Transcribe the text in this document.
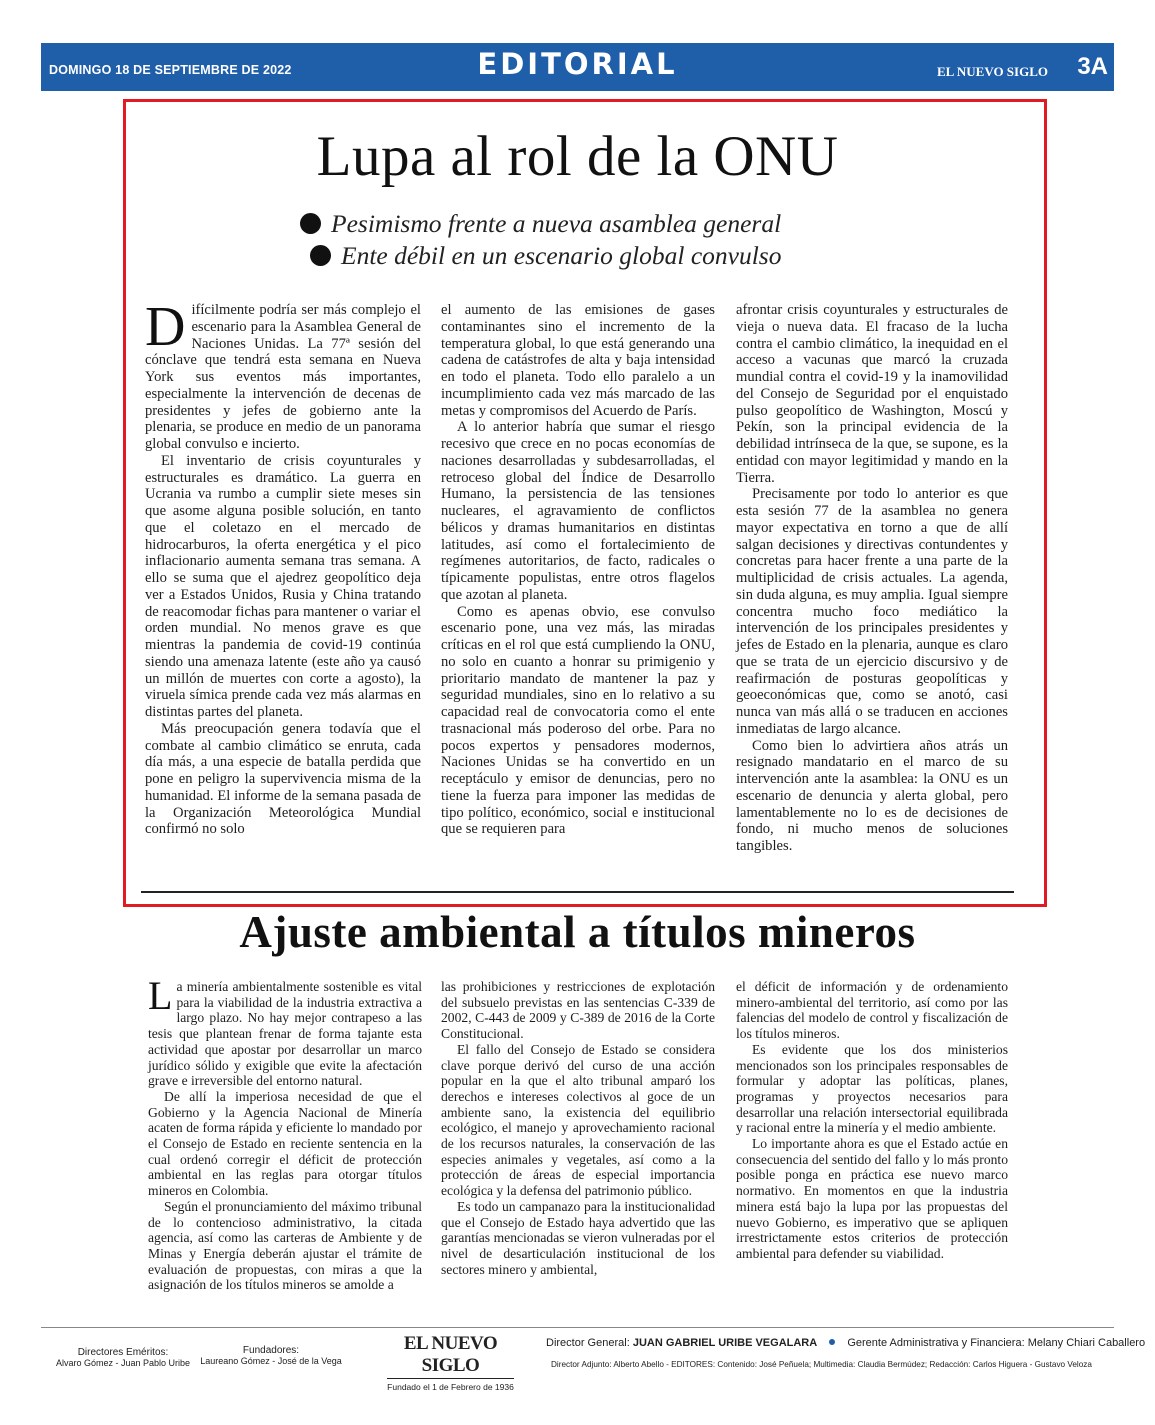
DOMINGO 18 DE SEPTIEMBRE DE 2022	EDITORIAL	EL NUEVO SIGLO 3A
Lupa al rol de la ONU
Pesimismo frente a nueva asamblea general
Ente débil en un escenario global convulso

Difícilmente podría ser más complejo el escenario para la Asamblea General de Naciones Unidas. La 77ª sesión del cónclave que tendrá esta semana en Nueva York sus eventos más importantes, especialmente la intervención de decenas de presidentes y jefes de gobierno ante la plenaria, se produce en medio de un panorama global convulso e incierto.

El inventario de crisis coyunturales y estructurales es dramático. La guerra en Ucrania va rumbo a cumplir siete meses sin que asome alguna posible solución, en tanto que el coletazo en el mercado de hidrocarburos, la oferta energética y el pico inflacionario aumenta semana tras semana. A ello se suma que el ajedrez geopolítico deja ver a Estados Unidos, Rusia y China tratando de reacomodar fichas para mantener o variar el orden mundial. No menos grave es que mientras la pandemia de covid-19 continúa siendo una amenaza latente (este año ya causó un millón de muertes con corte a agosto), la viruela símica prende cada vez más alarmas en distintas partes del planeta.

Más preocupación genera todavía que el combate al cambio climático se enruta, cada día más, a una especie de batalla perdida que pone en peligro la supervivencia misma de la humanidad. El informe de la semana pasada de la Organización Meteorológica Mundial confirmó no solo

el aumento de las emisiones de gases contaminantes sino el incremento de la temperatura global, lo que está generando una cadena de catástrofes de alta y baja intensidad en todo el planeta. Todo ello paralelo a un incumplimiento cada vez más marcado de las metas y compromisos del Acuerdo de París.

A lo anterior habría que sumar el riesgo recesivo que crece en no pocas economías de naciones desarrolladas y subdesarrolladas, el retroceso global del Índice de Desarrollo Humano, la persistencia de las tensiones nucleares, el agravamiento de conflictos bélicos y dramas humanitarios en distintas latitudes, así como el fortalecimiento de regímenes autoritarios, de facto, radicales o típicamente populistas, entre otros flagelos que azotan al planeta.

Como es apenas obvio, ese convulso escenario pone, una vez más, las miradas críticas en el rol que está cumpliendo la ONU, no solo en cuanto a honrar su primigenio y prioritario mandato de mantener la paz y seguridad mundiales, sino en lo relativo a su capacidad real de convocatoria como el ente trasnacional más poderoso del orbe. Para no pocos expertos y pensadores modernos, Naciones Unidas se ha convertido en un receptáculo y emisor de denuncias, pero no tiene la fuerza para imponer las medidas de tipo político, económico, social e institucional que se requieren para

afrontar crisis coyunturales y estructurales de vieja o nueva data. El fracaso de la lucha contra el cambio climático, la inequidad en el acceso a vacunas que marcó la cruzada mundial contra el covid-19 y la inamovilidad del Consejo de Seguridad por el enquistado pulso geopolítico de Washington, Moscú y Pekín, son la principal evidencia de la debilidad intrínseca de la que, se supone, es la entidad con mayor legitimidad y mando en la Tierra.

Precisamente por todo lo anterior es que esta sesión 77 de la asamblea no genera mayor expectativa en torno a que de allí salgan decisiones y directivas contundentes y concretas para hacer frente a una parte de la multiplicidad de crisis actuales. La agenda, sin duda alguna, es muy amplia. Igual siempre concentra mucho foco mediático la intervención de los principales presidentes y jefes de Estado en la plenaria, aunque es claro que se trata de un ejercicio discursivo y de reafirmación de posturas geopolíticas y geoeconómicas que, como se anotó, casi nunca van más allá o se traducen en acciones inmediatas de largo alcance.

Como bien lo advirtiera años atrás un resignado mandatario en el marco de su intervención ante la asamblea: la ONU es un escenario de denuncia y alerta global, pero lamentablemente no lo es de decisiones de fondo, ni mucho menos de soluciones tangibles.

Ajuste ambiental a títulos mineros

La minería ambientalmente sostenible es vital para la viabilidad de la industria extractiva a largo plazo. No hay mejor contrapeso a las tesis que plantean frenar de forma tajante esta actividad que apostar por desarrollar un marco jurídico sólido y exigible que evite la afectación grave e irreversible del entorno natural.

De allí la imperiosa necesidad de que el Gobierno y la Agencia Nacional de Minería acaten de forma rápida y eficiente lo mandado por el Consejo de Estado en reciente sentencia en la cual ordenó corregir el déficit de protección ambiental en las reglas para otorgar títulos mineros en Colombia.

Según el pronunciamiento del máximo tribunal de lo contencioso administrativo, la citada agencia, así como las carteras de Ambiente y de Minas y Energía deberán ajustar el trámite de evaluación de propuestas, con miras a que la asignación de los títulos mineros se amolde a

las prohibiciones y restricciones de explotación del subsuelo previstas en las sentencias C-339 de 2002, C-443 de 2009 y C-389 de 2016 de la Corte Constitucional.

El fallo del Consejo de Estado se considera clave porque derivó del curso de una acción popular en la que el alto tribunal amparó los derechos e intereses colectivos al goce de un ambiente sano, la existencia del equilibrio ecológico, el manejo y aprovechamiento racional de los recursos naturales, la conservación de las especies animales y vegetales, así como a la protección de áreas de especial importancia ecológica y la defensa del patrimonio público.

Es todo un campanazo para la institucionalidad que el Consejo de Estado haya advertido que las garantías mencionadas se vieron vulneradas por el nivel de desarticulación institucional de los sectores minero y ambiental,

el déficit de información y de ordenamiento minero-ambiental del territorio, así como por las falencias del modelo de control y fiscalización de los títulos mineros.

Es evidente que los dos ministerios mencionados son los principales responsables de formular y adoptar las políticas, planes, programas y proyectos necesarios para desarrollar una relación intersectorial equilibrada y racional entre la minería y el medio ambiente.

Lo importante ahora es que el Estado actúe en consecuencia del sentido del fallo y lo más pronto posible ponga en práctica ese nuevo marco normativo. En momentos en que la industria minera está bajo la lupa por las propuestas del nuevo Gobierno, es imperativo que se apliquen irrestrictamente estos criterios de protección ambiental para defender su viabilidad.

Directores Eméritos:
Alvaro Gómez - Juan Pablo Uribe
Fundadores:
Laureano Gómez - José de la Vega
EL NUEVO SIGLO
Fundado el 1 de Febrero de 1936
Director General: JUAN GABRIEL URIBE VEGALARA	Gerente Administrativa y Financiera: Melany Chiari Caballero
Director Adjunto: Alberto Abello - EDITORES: Contenido: José Peñuela; Multimedia: Claudia Bermúdez; Redacción: Carlos Higuera - Gustavo Veloza
